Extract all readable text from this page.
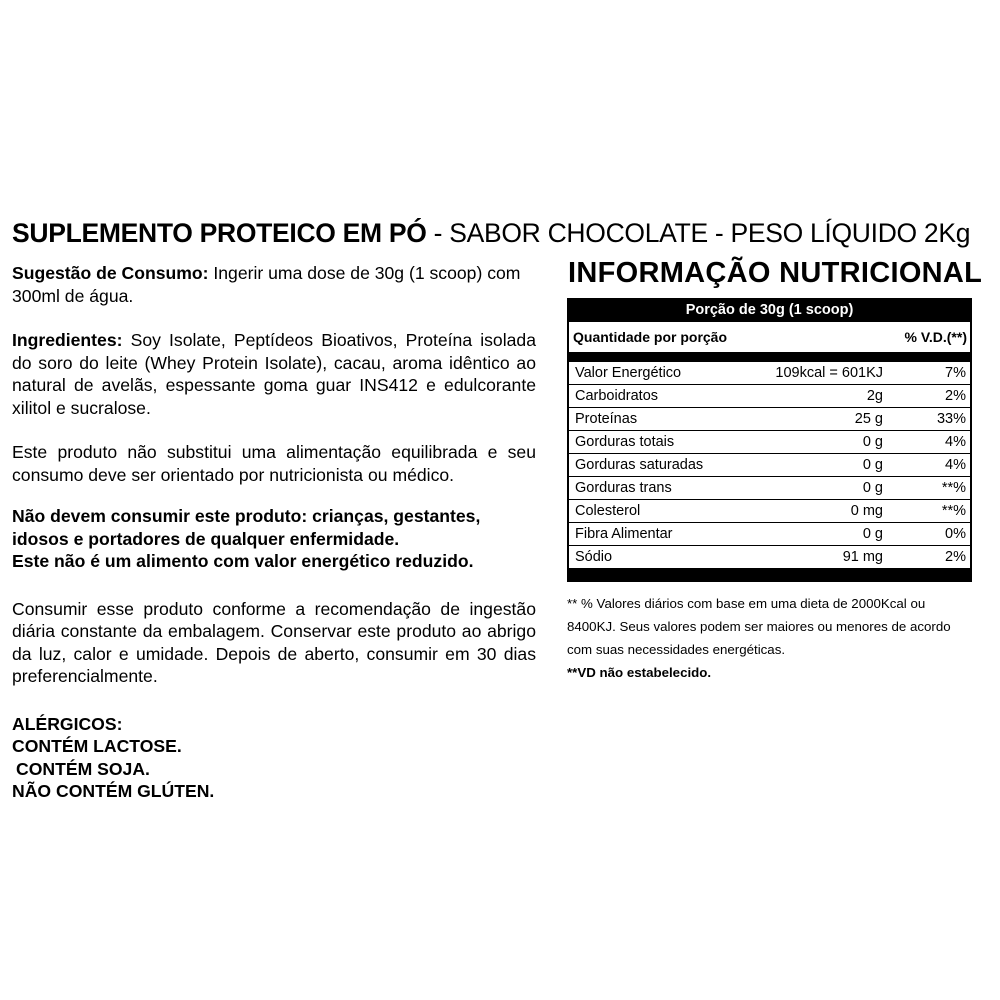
SUPLEMENTO PROTEICO EM PÓ - SABOR CHOCOLATE - PESO LÍQUIDO 2Kg

Sugestão de Consumo: Ingerir uma dose de 30g (1 scoop) com 300ml de água.

Ingredientes: Soy Isolate, Peptídeos Bioativos, Proteína isolada do soro do leite (Whey Protein Isolate), cacau, aroma idêntico ao natural de avelãs, espessante goma guar INS412 e edulcorante xilitol e sucralose.

Este produto não substitui uma alimentação equilibrada e seu consumo deve ser orientado por nutricionista ou médico.

Não devem consumir este produto: crianças, gestantes, idosos e portadores de qualquer enfermidade.

Este não é um alimento com valor energético reduzido.

Consumir esse produto conforme a recomendação de ingestão diária constante da embalagem. Conservar este produto ao abrigo da luz, calor e umidade. Depois de aberto, consumir em 30 dias preferencialmente.

ALÉRGICOS:

CONTÉM LACTOSE.

CONTÉM SOJA.

NÃO CONTÉM GLÚTEN.

INFORMAÇÃO NUTRICIONAL
Porção de 30g (1 scoop)
Quantidade por porção	% V.D.(**)
Valor Energético	109kcal = 601KJ	7%
Carboidratos	2g	2%
Proteínas	25 g	33%
Gorduras totais	0 g	4%
Gorduras saturadas	0 g	4%
Gorduras trans	0 g	**%
Colesterol	0 mg	**%
Fibra Alimentar	0 g	0%
Sódio	91 mg	2%

** % Valores diários com base em uma dieta de 2000Kcal ou 8400KJ. Seus valores podem ser maiores ou menores de acordo com suas necessidades energéticas.

**VD não estabelecido.
